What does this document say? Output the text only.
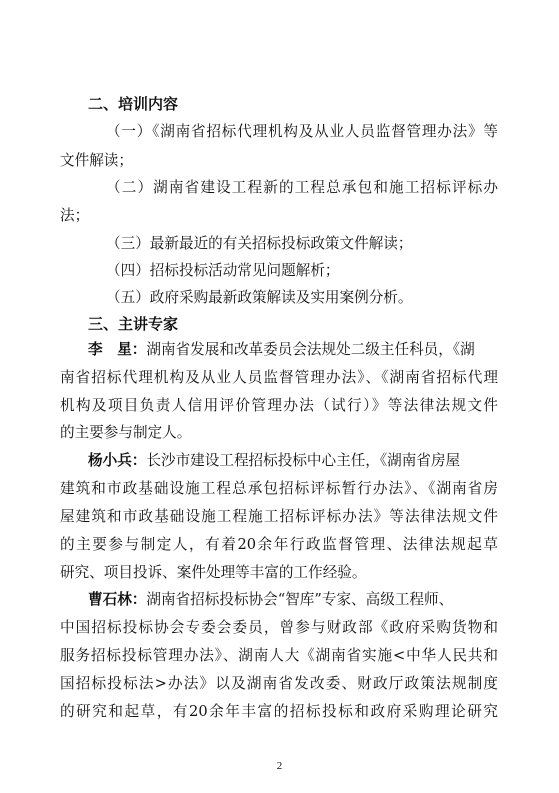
二、培训内容
（一）《湖南省招标代理机构及从业人员监督管理办法》等
文件解读；
（二）湖南省建设工程新的工程总承包和施工招标评标办
法；
（三）最新最近的有关招标投标政策文件解读；
（四）招标投标活动常见问题解析；
（五）政府采购最新政策解读及实用案例分析。
三、主讲专家
李　星：湖南省发展和改革委员会法规处二级主任科员，《湖
南省招标代理机构及从业人员监督管理办法》、《湖南省招标代理
机构及项目负责人信用评价管理办法（试行）》等法律法规文件
的主要参与制定人。
杨小兵：长沙市建设工程招标投标中心主任，《湖南省房屋
建筑和市政基础设施工程总承包招标评标暂行办法》、《湖南省房
屋建筑和市政基础设施工程施工招标评标办法》等法律法规文件
的主要参与制定人，有着20余年行政监督管理、法律法规起草
研究、项目投诉、案件处理等丰富的工作经验。
曹石林：湖南省招标投标协会“智库”专家、高级工程师、
中国招标投标协会专委会委员，曾参与财政部《政府采购货物和
服务招标投标管理办法》、湖南人大《湖南省实施<中华人民共和
国招标投标法>办法》以及湖南省发改委、财政厅政策法规制度
的研究和起草，有20余年丰富的招标投标和政府采购理论研究
2
